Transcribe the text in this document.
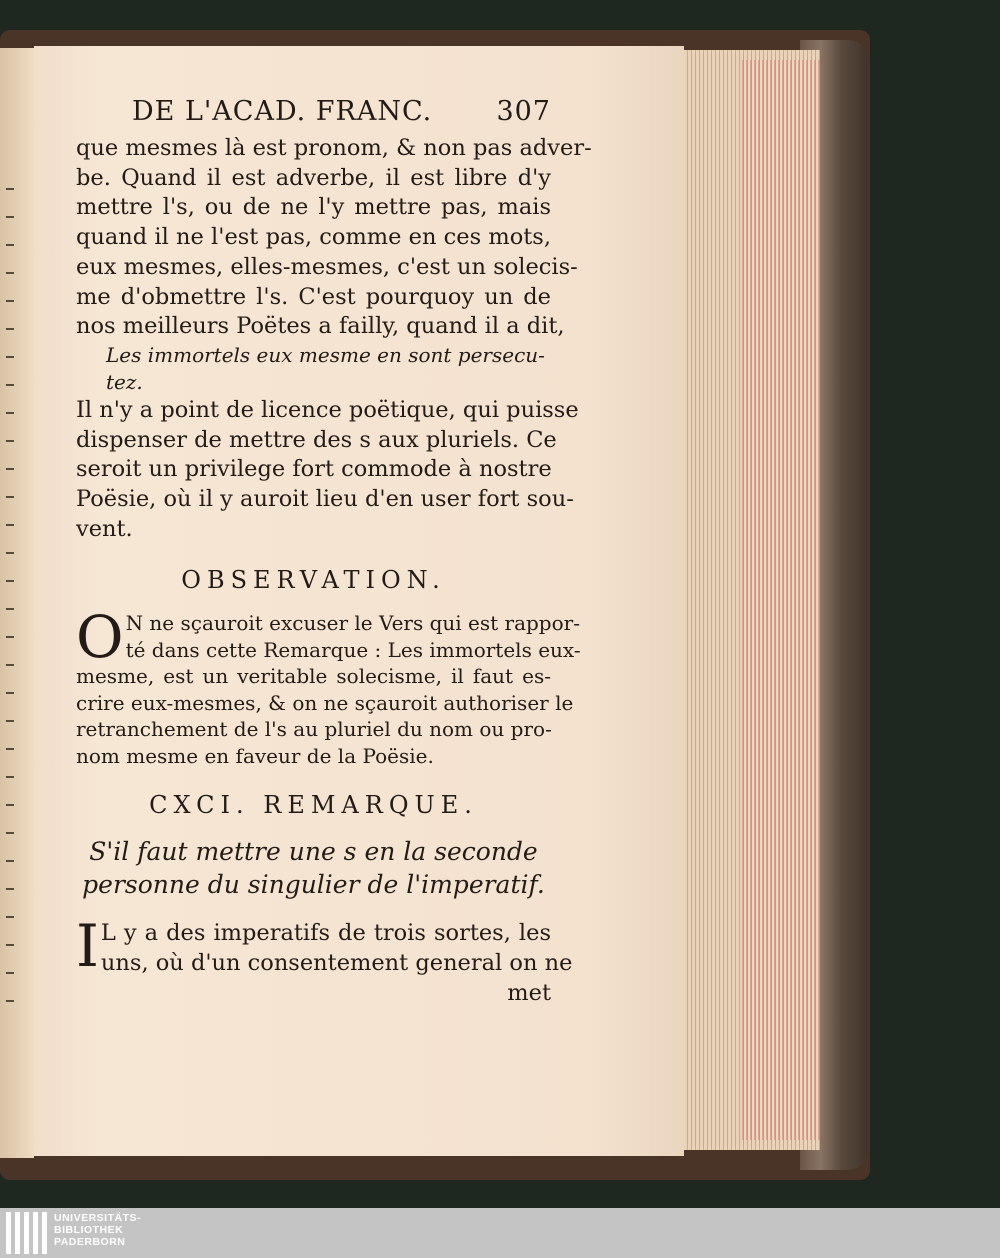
DE L'ACAD. FRANC. 307
que mesmes là est pronom, & non pas adver-
be. Quand il est adverbe, il est libre d'y
mettre l's, ou de ne l'y mettre pas, mais
quand il ne l'est pas, comme en ces mots,
eux mesmes, elles-mesmes, c'est un solecis-
me d'obmettre l's. C'est pourquoy un de
nos meilleurs Poëtes a failly, quand il a dit,
Les immortels eux mesme en sont persecu-
tez.
Il n'y a point de licence poëtique, qui puisse
dispenser de mettre des s aux pluriels. Ce
seroit un privilege fort commode à nostre
Poësie, où il y auroit lieu d'en user fort sou-
vent.
OBSERVATION.
O N ne sçauroit excuser le Vers qui est rappor-
té dans cette Remarque : Les immortels eux-
mesme, est un veritable solecisme, il faut es-
crire eux-mesmes, & on ne sçauroit authoriser le
retranchement de l's au pluriel du nom ou pro-
nom mesme en faveur de la Poësie.
CXCI. REMARQUE.
S'il faut mettre une s en la seconde
personne du singulier de l'imperatif.
I L y a des imperatifs de trois sortes, les
uns, où d'un consentement general on ne
met
UNIVERSITÄTS-
BIBLIOTHEK
PADERBORN
